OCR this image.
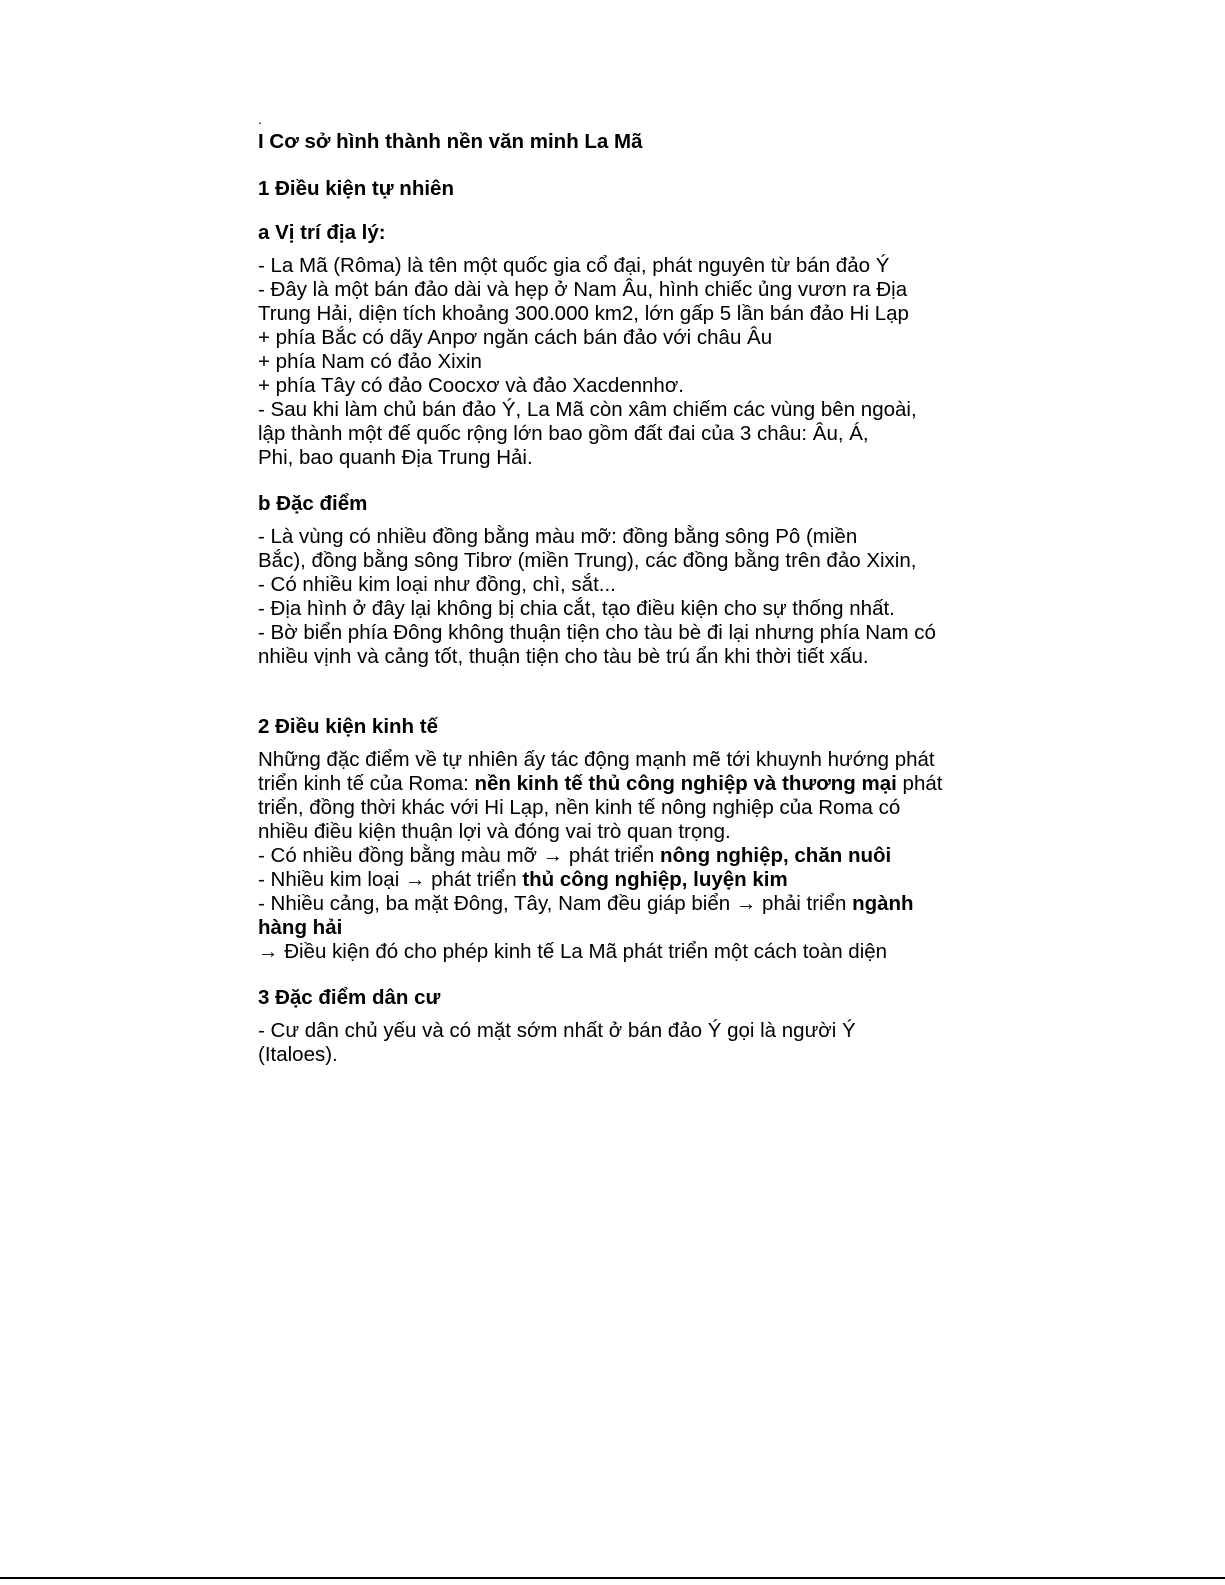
.
I Cơ sở hình thành nền văn minh La Mã
1 Điều kiện tự nhiên
a Vị trí địa lý:

- La Mã (Rôma) là tên một quốc gia cổ đại, phát nguyên từ bán đảo Ý

- Đây là một bán đảo dài và hẹp ở Nam Âu, hình chiếc ủng vươn ra Địa

Trung Hải, diện tích khoảng 300.000 km2, lớn gấp 5 lần bán đảo Hi Lạp

+ phía Bắc có dãy Anpơ ngăn cách bán đảo với châu Âu

+ phía Nam có đảo Xixin

+ phía Tây có đảo Coocxơ và đảo Xacdennhơ.

- Sau khi làm chủ bán đảo Ý, La Mã còn xâm chiếm các vùng bên ngoài,

lập thành một đế quốc rộng lớn bao gồm đất đai của 3 châu: Âu, Á,

Phi, bao quanh Địa Trung Hải.

b Đặc điểm

- Là vùng có nhiều đồng bằng màu mỡ: đồng bằng sông Pô (miền

Bắc), đồng bằng sông Tibrơ (miền Trung), các đồng bằng trên đảo Xixin,

- Có nhiều kim loại như đồng, chì, sắt...

- Địa hình ở đây lại không bị chia cắt, tạo điều kiện cho sự thống nhất.

- Bờ biển phía Đông không thuận tiện cho tàu bè đi lại nhưng phía Nam có

nhiều vịnh và cảng tốt, thuận tiện cho tàu bè trú ẩn khi thời tiết xấu.

2 Điều kiện kinh tế

Những đặc điểm về tự nhiên ấy tác động mạnh mẽ tới khuynh hướng phát

triển kinh tế của Roma: nền kinh tế thủ công nghiệp và thương mại phát

triển, đồng thời khác với Hi Lạp, nền kinh tế nông nghiệp của Roma có

nhiều điều kiện thuận lợi và đóng vai trò quan trọng.

- Có nhiều đồng bằng màu mỡ → phát triển nông nghiệp, chăn nuôi

- Nhiều kim loại → phát triển thủ công nghiệp, luyện kim

- Nhiều cảng, ba mặt Đông, Tây, Nam đều giáp biển → phải triển ngành

hàng hải

→ Điều kiện đó cho phép kinh tế La Mã phát triển một cách toàn diện

3 Đặc điểm dân cư

- Cư dân chủ yếu và có mặt sớm nhất ở bán đảo Ý gọi là người Ý

(Italoes).
